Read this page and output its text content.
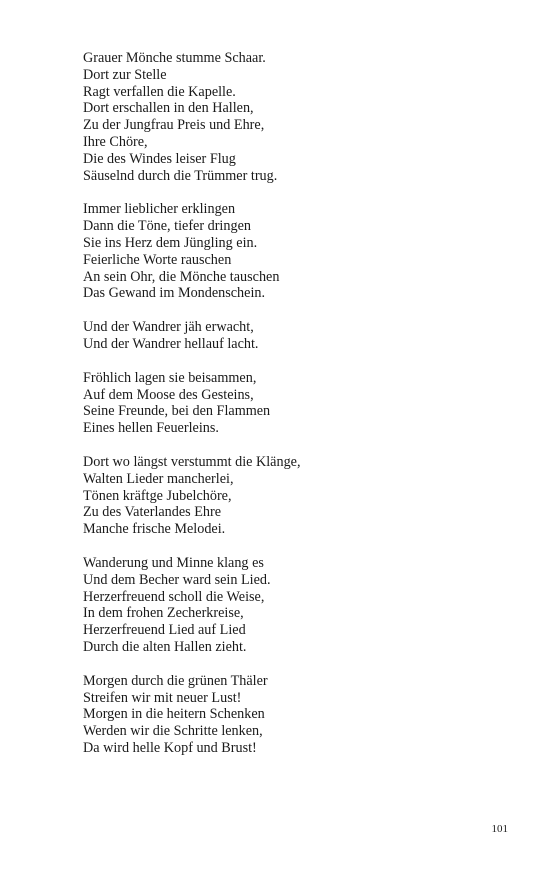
Grauer Mönche stumme Schaar.
Dort zur Stelle
Ragt verfallen die Kapelle.
Dort erschallen in den Hallen,
Zu der Jungfrau Preis und Ehre,
Ihre Chöre,
Die des Windes leiser Flug
Säuselnd durch die Trümmer trug.
Immer lieblicher erklingen
Dann die Töne, tiefer dringen
Sie ins Herz dem Jüngling ein.
Feierliche Worte rauschen
An sein Ohr, die Mönche tauschen
Das Gewand im Mondenschein.
Und der Wandrer jäh erwacht,
Und der Wandrer hellauf lacht.
Fröhlich lagen sie beisammen,
Auf dem Moose des Gesteins,
Seine Freunde, bei den Flammen
Eines hellen Feuerleins.
Dort wo längst verstummt die Klänge,
Walten Lieder mancherlei,
Tönen kräftge Jubelchöre,
Zu des Vaterlandes Ehre
Manche frische Melodei.
Wanderung und Minne klang es
Und dem Becher ward sein Lied.
Herzerfreuend scholl die Weise,
In dem frohen Zecherkreise,
Herzerfreuend Lied auf Lied
Durch die alten Hallen zieht.
Morgen durch die grünen Thäler
Streifen wir mit neuer Lust!
Morgen in die heitern Schenken
Werden wir die Schritte lenken,
Da wird helle Kopf und Brust!
101
